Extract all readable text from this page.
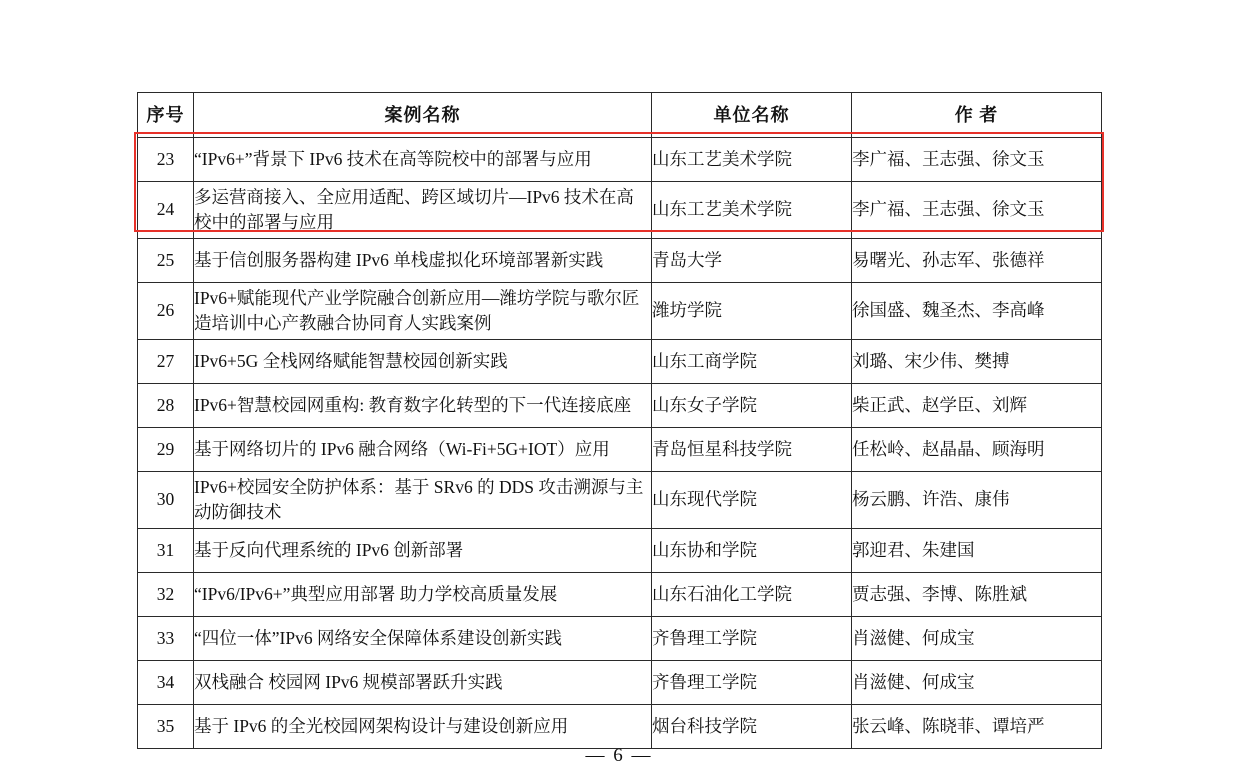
序号	案例名称	单位名称	作 者
23	“IPv6+”背景下 IPv6 技术在高等院校中的部署与应用	山东工艺美术学院	李广福、王志强、徐文玉
24	多运营商接入、全应用适配、跨区域切片—IPv6 技术在高校中的部署与应用	山东工艺美术学院	李广福、王志强、徐文玉
25	基于信创服务器构建 IPv6 单栈虚拟化环境部署新实践	青岛大学	易曙光、孙志军、张德祥
26	IPv6+赋能现代产业学院融合创新应用—潍坊学院与歌尔匠造培训中心产教融合协同育人实践案例	潍坊学院	徐国盛、魏圣杰、李高峰
27	IPv6+5G 全栈网络赋能智慧校园创新实践	山东工商学院	刘璐、宋少伟、樊搏
28	IPv6+智慧校园网重构: 教育数字化转型的下一代连接底座	山东女子学院	柴正武、赵学臣、刘辉
29	基于网络切片的 IPv6 融合网络（Wi-Fi+5G+IOT）应用	青岛恒星科技学院	任松岭、赵晶晶、顾海明
30	IPv6+校园安全防护体系：基于 SRv6 的 DDS 攻击溯源与主动防御技术	山东现代学院	杨云鹏、许浩、康伟
31	基于反向代理系统的 IPv6 创新部署	山东协和学院	郭迎君、朱建国
32	“IPv6/IPv6+”典型应用部署 助力学校高质量发展	山东石油化工学院	贾志强、李博、陈胜斌
33	“四位一体”IPv6 网络安全保障体系建设创新实践	齐鲁理工学院	肖滋健、何成宝
34	双栈融合 校园网 IPv6 规模部署跃升实践	齐鲁理工学院	肖滋健、何成宝
35	基于 IPv6 的全光校园网架构设计与建设创新应用	烟台科技学院	张云峰、陈晓菲、谭培严
— 6 —
